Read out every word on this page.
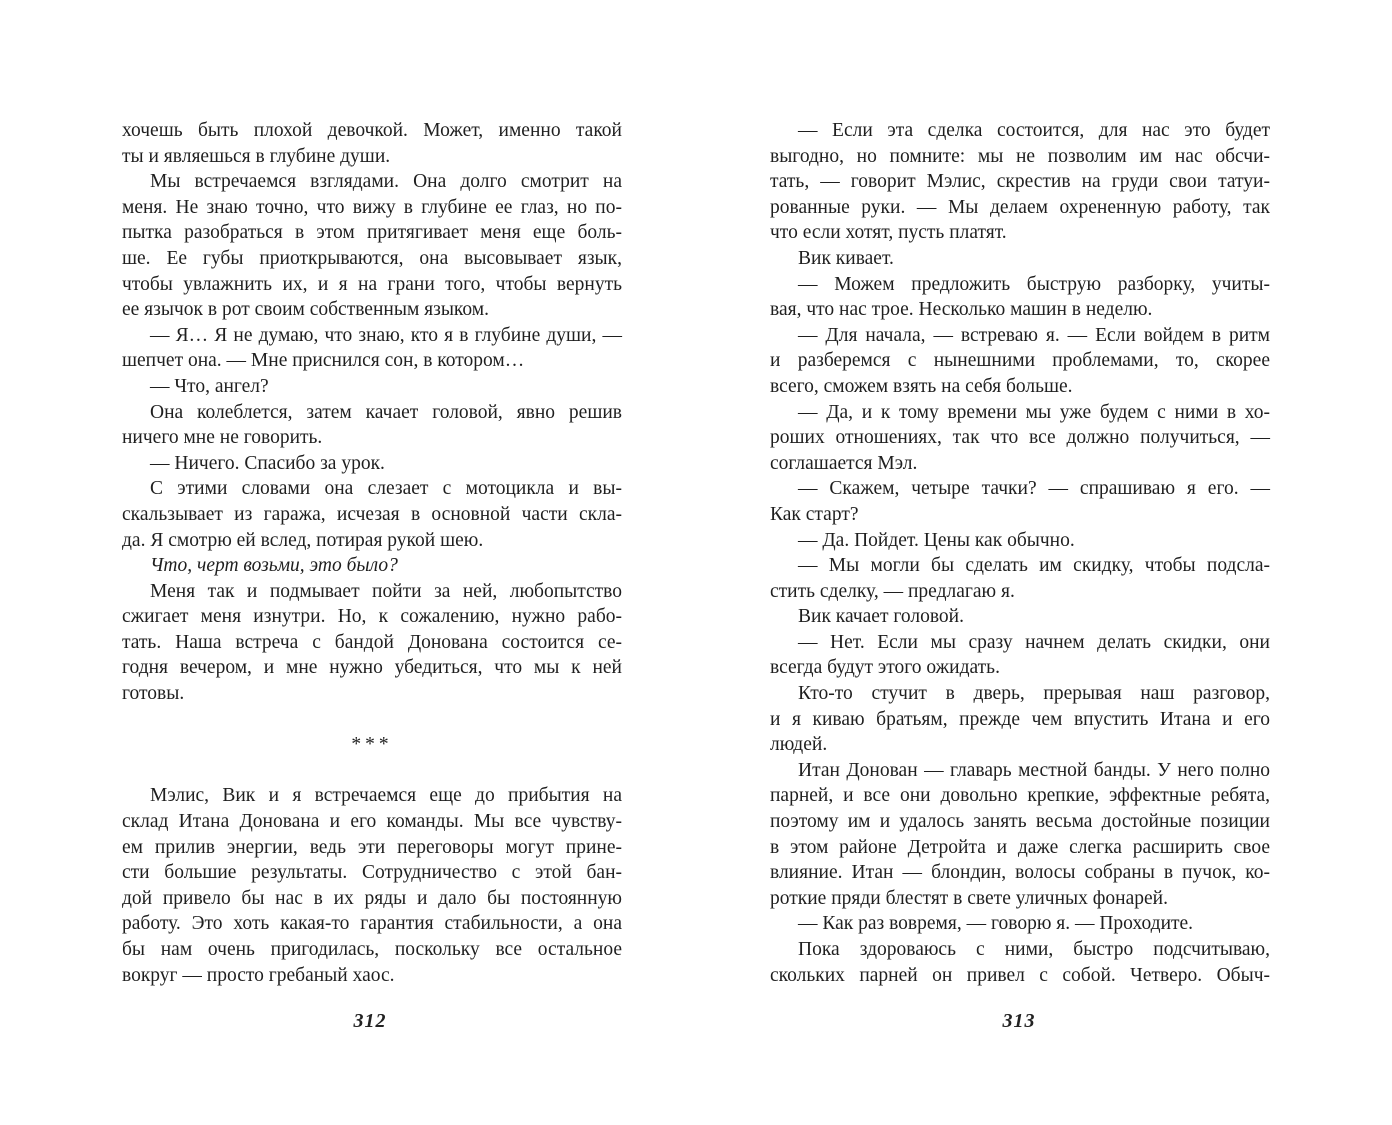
хочешь быть плохой девочкой. Может, именно такой
ты и являешься в глубине души.
Мы встречаемся взглядами. Она долго смотрит на
меня. Не знаю точно, что вижу в глубине ее глаз, но по-
пытка разобраться в этом притягивает меня еще боль-
ше. Ее губы приоткрываются, она высовывает язык,
чтобы увлажнить их, и я на грани того, чтобы вернуть
ее язычок в рот своим собственным языком.
— Я… Я не думаю, что знаю, кто я в глубине души, —
шепчет она. — Мне приснился сон, в котором…
— Что, ангел?
Она колеблется, затем качает головой, явно решив
ничего мне не говорить.
— Ничего. Спасибо за урок.
С этими словами она слезает с мотоцикла и вы-
скальзывает из гаража, исчезая в основной части скла-
да. Я смотрю ей вслед, потирая рукой шею.
Что, черт возьми, это было?
Меня так и подмывает пойти за ней, любопытство
сжигает меня изнутри. Но, к сожалению, нужно рабо-
тать. Наша встреча с бандой Донована состоится се-
годня вечером, и мне нужно убедиться, что мы к ней
готовы.
***
Мэлис, Вик и я встречаемся еще до прибытия на
склад Итана Донована и его команды. Мы все чувству-
ем прилив энергии, ведь эти переговоры могут прине-
сти большие результаты. Сотрудничество с этой бан-
дой привело бы нас в их ряды и дало бы постоянную
работу. Это хоть какая-то гарантия стабильности, а она
бы нам очень пригодилась, поскольку все остальное
вокруг — просто гребаный хаос.
— Если эта сделка состоится, для нас это будет
выгодно, но помните: мы не позволим им нас обсчи-
тать, — говорит Мэлис, скрестив на груди свои татуи-
рованные руки. — Мы делаем охрененную работу, так
что если хотят, пусть платят.
Вик кивает.
— Можем предложить быструю разборку, учиты-
вая, что нас трое. Несколько машин в неделю.
— Для начала, — встреваю я. — Если войдем в ритм
и разберемся с нынешними проблемами, то, скорее
всего, сможем взять на себя больше.
— Да, и к тому времени мы уже будем с ними в хо-
роших отношениях, так что все должно получиться, —
соглашается Мэл.
— Скажем, четыре тачки? — спрашиваю я его. —
Как старт?
— Да. Пойдет. Цены как обычно.
— Мы могли бы сделать им скидку, чтобы подсла-
стить сделку, — предлагаю я.
Вик качает головой.
— Нет. Если мы сразу начнем делать скидки, они
всегда будут этого ожидать.
Кто-то стучит в дверь, прерывая наш разговор,
и я киваю братьям, прежде чем впустить Итана и его
людей.
Итан Донован — главарь местной банды. У него полно
парней, и все они довольно крепкие, эффектные ребята,
поэтому им и удалось занять весьма достойные позиции
в этом районе Детройта и даже слегка расширить свое
влияние. Итан — блондин, волосы собраны в пучок, ко-
роткие пряди блестят в свете уличных фонарей.
— Как раз вовремя, — говорю я. — Проходите.
Пока здороваюсь с ними, быстро подсчитываю,
скольких парней он привел с собой. Четверо. Обыч-
312	313
